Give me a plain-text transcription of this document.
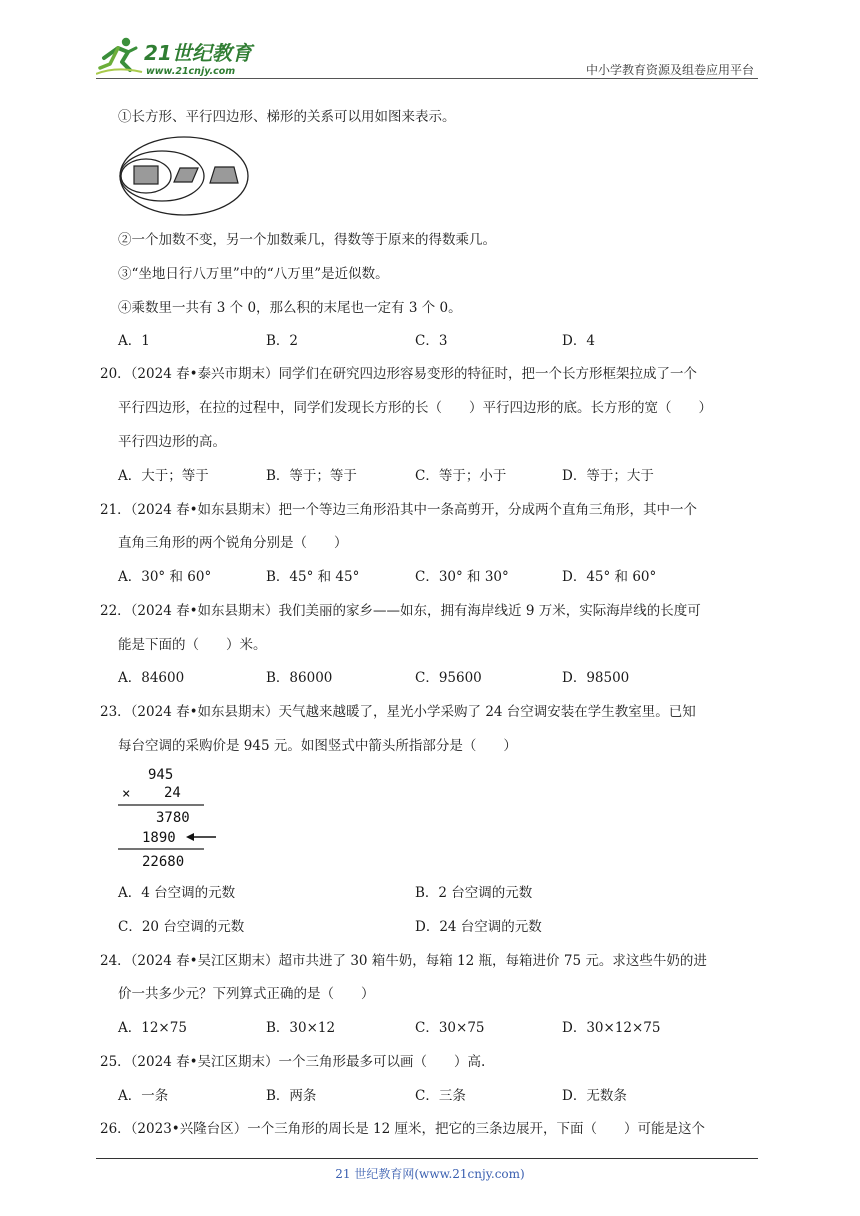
21世纪教育
www.21cnjy.com	中小学教育资源及组卷应用平台
①长方形、平行四边形、梯形的关系可以用如图来表示。
②一个加数不变，另一个加数乘几，得数等于原来的得数乘几。
③“坐地日行八万里”中的“八万里”是近似数。
④乘数里一共有 3 个 0，那么积的末尾也一定有 3 个 0。
A．1	B．2	C．3	D．4
20．（2024 春•泰兴市期末）同学们在研究四边形容易变形的特征时，把一个长方形框架拉成了一个
平行四边形，在拉的过程中，同学们发现长方形的长（　　）平行四边形的底。长方形的宽（　　）
平行四边形的高。
A．大于；等于	B．等于；等于	C．等于；小于	D．等于；大于
21．（2024 春•如东县期末）把一个等边三角形沿其中一条高剪开，分成两个直角三角形，其中一个
直角三角形的两个锐角分别是（　　）
A．30° 和 60°	B．45° 和 45°	C．30° 和 30°	D．45° 和 60°
22．（2024 春•如东县期末）我们美丽的家乡——如东，拥有海岸线近 9 万米，实际海岸线的长度可
能是下面的（　　）米。
A．84600	B．86000	C．95600	D．98500
23．（2024 春•如东县期末）天气越来越暖了，星光小学采购了 24 台空调安装在学生教室里。已知
每台空调的采购价是 945 元。如图竖式中箭头所指部分是（　　）
945
× 24
3780
1890
22680
A．4 台空调的元数	B．2 台空调的元数
C．20 台空调的元数	D．24 台空调的元数
24．（2024 春•吴江区期末）超市共进了 30 箱牛奶，每箱 12 瓶，每箱进价 75 元。求这些牛奶的进
价一共多少元？下列算式正确的是（　　）
A．12×75	B．30×12	C．30×75	D．30×12×75
25．（2024 春•吴江区期末）一个三角形最多可以画（　　）高.
A．一条	B．两条	C．三条	D．无数条
26．（2023•兴隆台区）一个三角形的周长是 12 厘米，把它的三条边展开，下面（　　）可能是这个
21 世纪教育网(www.21cnjy.com)
